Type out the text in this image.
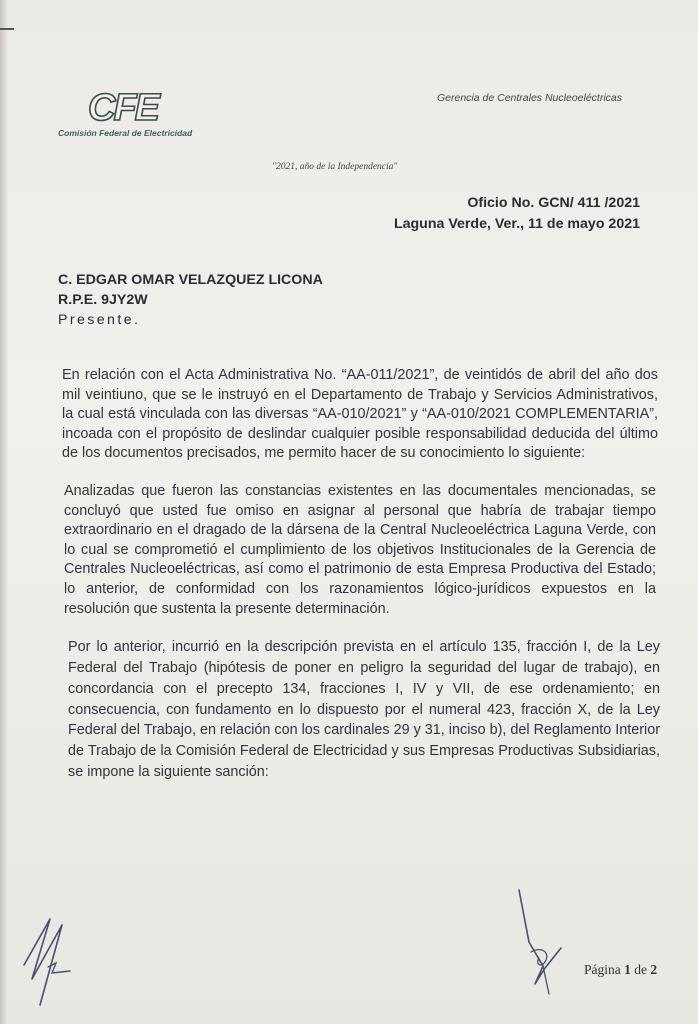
CFE
Comisión Federal de Electricidad
Gerencia de Centrales Nucleoeléctricas
"2021, año de la Independencia"
Oficio No. GCN/ 411 /2021
Laguna Verde, Ver., 11 de mayo 2021
C. EDGAR OMAR VELAZQUEZ LICONA
R.P.E. 9JY2W
Presente.

En relación con el Acta Administrativa No. “AA-011/2021”, de veintidós de abril del año dos mil veintiuno, que se le instruyó en el Departamento de Trabajo y Servicios Administrativos, la cual está vinculada con las diversas “AA-010/2021” y “AA-010/2021 COMPLEMENTARIA”, incoada con el propósito de deslindar cualquier posible responsabilidad deducida del último de los documentos precisados, me permito hacer de su conocimiento lo siguiente:

Analizadas que fueron las constancias existentes en las documentales mencionadas, se concluyó que usted fue omiso en asignar al personal que habría de trabajar tiempo extraordinario en el dragado de la dársena de la Central Nucleoeléctrica Laguna Verde, con lo cual se comprometió el cumplimiento de los objetivos Institucionales de la Gerencia de Centrales Nucleoeléctricas, así como el patrimonio de esta Empresa Productiva del Estado; lo anterior, de conformidad con los razonamientos lógico-jurídicos expuestos en la resolución que sustenta la presente determinación.

Por lo anterior, incurrió en la descripción prevista en el artículo 135, fracción I, de la Ley Federal del Trabajo (hipótesis de poner en peligro la seguridad del lugar de trabajo), en concordancia con el precepto 134, fracciones I, IV y VII, de ese ordenamiento; en consecuencia, con fundamento en lo dispuesto por el numeral 423, fracción X, de la Ley Federal del Trabajo, en relación con los cardinales 29 y 31, inciso b), del Reglamento Interior de Trabajo de la Comisión Federal de Electricidad y sus Empresas Productivas Subsidiarias, se impone la siguiente sanción:

Página 1 de 2
